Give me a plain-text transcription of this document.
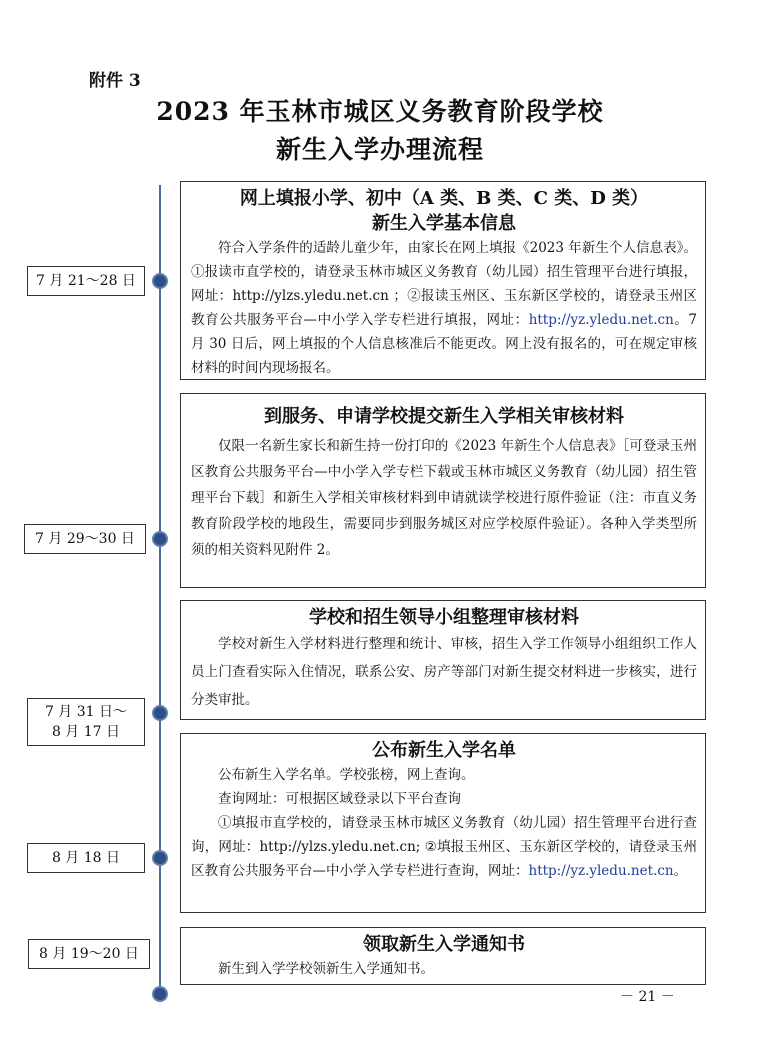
附件 3
2023 年玉林市城区义务教育阶段学校
新生入学办理流程
7 月 21～28 日
7 月 29～30 日
7 月 31 日～
8 月 17 日
8 月 18 日
8 月 19～20 日
网上填报小学、初中（A 类、B 类、C 类、D 类）
新生入学基本信息
符合入学条件的适龄儿童少年，由家长在网上填报《2023 年新生个人信息表》。①报读市直学校的，请登录玉林市城区义务教育（幼儿园）招生管理平台进行填报，网址：http://ylzs.yledu.net.cn ；②报读玉州区、玉东新区学校的，请登录玉州区教育公共服务平台—中小学入学专栏进行填报，网址：http://yz.yledu.net.cn。7 月 30 日后，网上填报的个人信息核准后不能更改。网上没有报名的，可在规定审核材料的时间内现场报名。
到服务、申请学校提交新生入学相关审核材料
仅限一名新生家长和新生持一份打印的《2023 年新生个人信息表》［可登录玉州区教育公共服务平台—中小学入学专栏下载或玉林市城区义务教育（幼儿园）招生管理平台下载］和新生入学相关审核材料到申请就读学校进行原件验证（注：市直义务教育阶段学校的地段生，需要同步到服务城区对应学校原件验证）。各种入学类型所须的相关资料见附件 2。
学校和招生领导小组整理审核材料
学校对新生入学材料进行整理和统计、审核，招生入学工作领导小组组织工作人员上门查看实际入住情况，联系公安、房产等部门对新生提交材料进一步核实，进行分类审批。
公布新生入学名单

公布新生入学名单。学校张榜，网上查询。

查询网址：可根据区域登录以下平台查询

①填报市直学校的，请登录玉林市城区义务教育（幼儿园）招生管理平台进行查询，网址：http://ylzs.yledu.net.cn; ②填报玉州区、玉东新区学校的，请登录玉州区教育公共服务平台—中小学入学专栏进行查询，网址：http://yz.yledu.net.cn。

领取新生入学通知书
新生到入学学校领新生入学通知书。
－ 21 －
